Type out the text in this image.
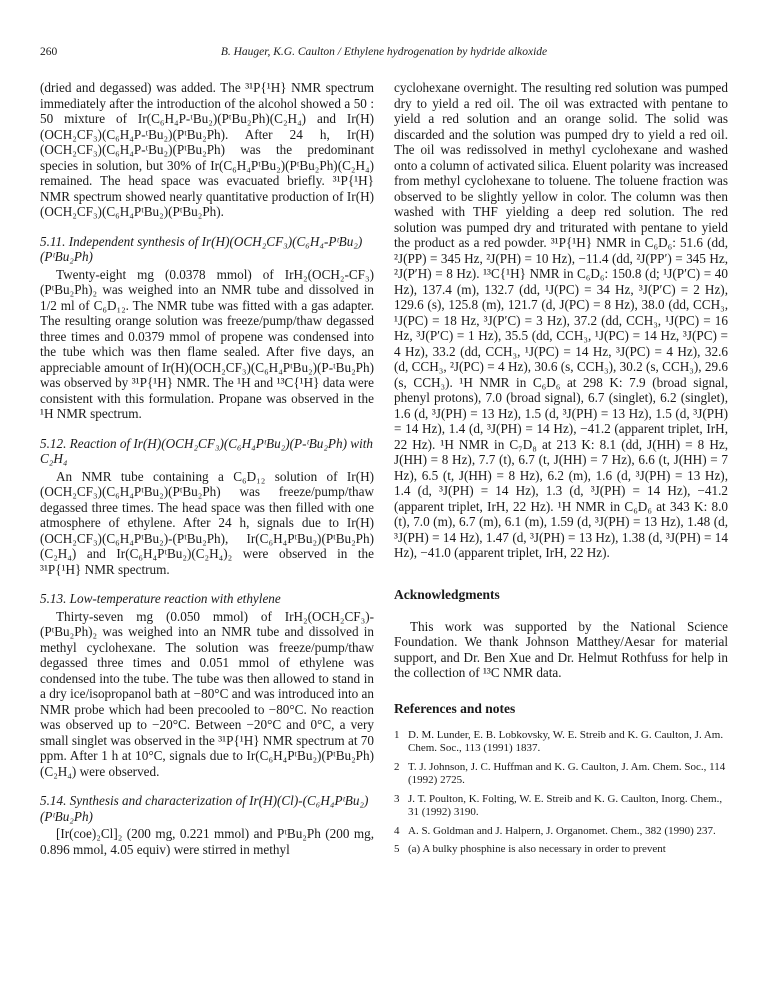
260	B. Hauger, K.G. Caulton / Ethylene hydrogenation by hydride alkoxide

(dried and degassed) was added. The ³¹P{¹H} NMR spectrum immediately after the introduction of the alcohol showed a 50 : 50 mixture of Ir(C₆H₄P-ᵗBu₂)(PᵗBu₂Ph)(C₂H₄) and Ir(H)(OCH₂CF₃)(C₆H₄P-ᵗBu₂)(PᵗBu₂Ph). After 24 h, Ir(H)(OCH₂CF₃)(C₆H₄P-ᵗBu₂)(PᵗBu₂Ph) was the predominant species in solution, but 30% of Ir(C₆H₄PᵗBu₂)(PᵗBu₂Ph)(C₂H₄) remained. The head space was evacuated briefly. ³¹P{¹H} NMR spectrum showed nearly quantitative production of Ir(H)(OCH₂CF₃)(C₆H₄PᵗBu₂)(PᵗBu₂Ph).

5.11. Independent synthesis of Ir(H)(OCH₂CF₃)(C₆H₄-PᵗBu₂)(PᵗBu₂Ph)

Twenty-eight mg (0.0378 mmol) of IrH₂(OCH₂-CF₃)(PᵗBu₂Ph)₂ was weighed into an NMR tube and dissolved in 1/2 ml of C₆D₁₂. The NMR tube was fitted with a gas adapter. The resulting orange solution was freeze/pump/thaw degassed three times and 0.0379 mmol of propene was condensed into the tube which was then flame sealed. After five days, an appreciable amount of Ir(H)(OCH₂CF₃)(C₆H₄PᵗBu₂)(P-ᵗBu₂Ph) was observed by ³¹P{¹H} NMR. The ¹H and ¹³C{¹H} data were consistent with this formulation. Propane was observed in the ¹H NMR spectrum.

5.12. Reaction of Ir(H)(OCH₂CF₃)(C₆H₄PᵗBu₂)(P-ᵗBu₂Ph) with C₂H₄

An NMR tube containing a C₆D₁₂ solution of Ir(H)(OCH₂CF₃)(C₆H₄PᵗBu₂)(PᵗBu₂Ph) was freeze/pump/thaw degassed three times. The head space was then filled with one atmosphere of ethylene. After 24 h, signals due to Ir(H)(OCH₂CF₃)(C₆H₄PᵗBu₂)-(PᵗBu₂Ph), Ir(C₆H₄PᵗBu₂)(PᵗBu₂Ph)(C₂H₄) and Ir(C₆H₄PᵗBu₂)(C₂H₄)₂ were observed in the ³¹P{¹H} NMR spectrum.

5.13. Low-temperature reaction with ethylene

Thirty-seven mg (0.050 mmol) of IrH₂(OCH₂CF₃)-(PᵗBu₂Ph)₂ was weighed into an NMR tube and dissolved in methyl cyclohexane. The solution was freeze/pump/thaw degassed three times and 0.051 mmol of ethylene was condensed into the tube. The tube was then allowed to stand in a dry ice/isopropanol bath at −80°C and was introduced into an NMR probe which had been precooled to −80°C. No reaction was observed up to −20°C. Between −20°C and 0°C, a very small singlet was observed in the ³¹P{¹H} NMR spectrum at 70 ppm. After 1 h at 10°C, signals due to Ir(C₆H₄PᵗBu₂)(PᵗBu₂Ph)(C₂H₄) were observed.

5.14. Synthesis and characterization of Ir(H)(Cl)-(C₆H₄PᵗBu₂)(PᵗBu₂Ph)

[Ir(coe)₂Cl]₂ (200 mg, 0.221 mmol) and PᵗBu₂Ph (200 mg, 0.896 mmol, 4.05 equiv) were stirred in methyl

cyclohexane overnight. The resulting red solution was pumped dry to yield a red oil. The oil was extracted with pentane to yield a red solution and an orange solid. The solid was discarded and the solution was pumped dry to yield a red oil. The oil was redissolved in methyl cyclohexane and washed onto a column of activated silica. Eluent polarity was increased from methyl cyclohexane to toluene. The toluene fraction was observed to be slightly yellow in color. The column was then washed with THF yielding a deep red solution. The red solution was pumped dry and triturated with pentane to yield the product as a red powder. ³¹P{¹H} NMR in C₆D₆: 51.6 (dd, ²J(PP) = 345 Hz, ²J(PH) = 10 Hz), −11.4 (dd, ²J(PP′) = 345 Hz, ²J(P′H) = 8 Hz). ¹³C{¹H} NMR in C₆D₆: 150.8 (d; ¹J(P′C) = 40 Hz), 137.4 (m), 132.7 (dd, ¹J(PC) = 34 Hz, ³J(P′C) = 2 Hz), 129.6 (s), 125.8 (m), 121.7 (d, J(PC) = 8 Hz), 38.0 (dd, CCH₃, ¹J(PC) = 18 Hz, ³J(P′C) = 3 Hz), 37.2 (dd, CCH₃, ¹J(PC) = 16 Hz, ³J(P′C) = 1 Hz), 35.5 (dd, CCH₃, ¹J(PC) = 14 Hz, ³J(PC) = 4 Hz), 33.2 (dd, CCH₃, ¹J(PC) = 14 Hz, ³J(PC) = 4 Hz), 32.6 (d, CCH₃, ²J(PC) = 4 Hz), 30.6 (s, CCH₃), 30.2 (s, CCH₃), 29.6 (s, CCH₃). ¹H NMR in C₆D₆ at 298 K: 7.9 (broad signal, phenyl protons), 7.0 (broad signal), 6.7 (singlet), 6.2 (singlet), 1.6 (d, ³J(PH) = 13 Hz), 1.5 (d, ³J(PH) = 13 Hz), 1.5 (d, ³J(PH) = 14 Hz), 1.4 (d, ³J(PH) = 14 Hz), −41.2 (apparent triplet, IrH, 22 Hz). ¹H NMR in C₇D₈ at 213 K: 8.1 (dd, J(HH) = 8 Hz, J(HH) = 8 Hz), 7.7 (t), 6.7 (t, J(HH) = 7 Hz), 6.6 (t, J(HH) = 7 Hz), 6.5 (t, J(HH) = 8 Hz), 6.2 (m), 1.6 (d, ³J(PH) = 13 Hz), 1.4 (d, ³J(PH) = 14 Hz), 1.3 (d, ³J(PH) = 14 Hz), −41.2 (apparent triplet, IrH, 22 Hz). ¹H NMR in C₆D₆ at 343 K: 8.0 (t), 7.0 (m), 6.7 (m), 6.1 (m), 1.59 (d, ³J(PH) = 13 Hz), 1.48 (d, ³J(PH) = 14 Hz), 1.47 (d, ³J(PH) = 13 Hz), 1.38 (d, ³J(PH) = 14 Hz), −41.0 (apparent triplet, IrH, 22 Hz).

Acknowledgments

This work was supported by the National Science Foundation. We thank Johnson Matthey/Aesar for material support, and Dr. Ben Xue and Dr. Helmut Rothfuss for help in the collection of ¹³C NMR data.

References and notes
1 D. M. Lunder, E. B. Lobkovsky, W. E. Streib and K. G. Caulton, J. Am. Chem. Soc., 113 (1991) 1837.
2 T. J. Johnson, J. C. Huffman and K. G. Caulton, J. Am. Chem. Soc., 114 (1992) 2725.
3 J. T. Poulton, K. Folting, W. E. Streib and K. G. Caulton, Inorg. Chem., 31 (1992) 3190.
4 A. S. Goldman and J. Halpern, J. Organomet. Chem., 382 (1990) 237.
5 (a) A bulky phosphine is also necessary in order to prevent
